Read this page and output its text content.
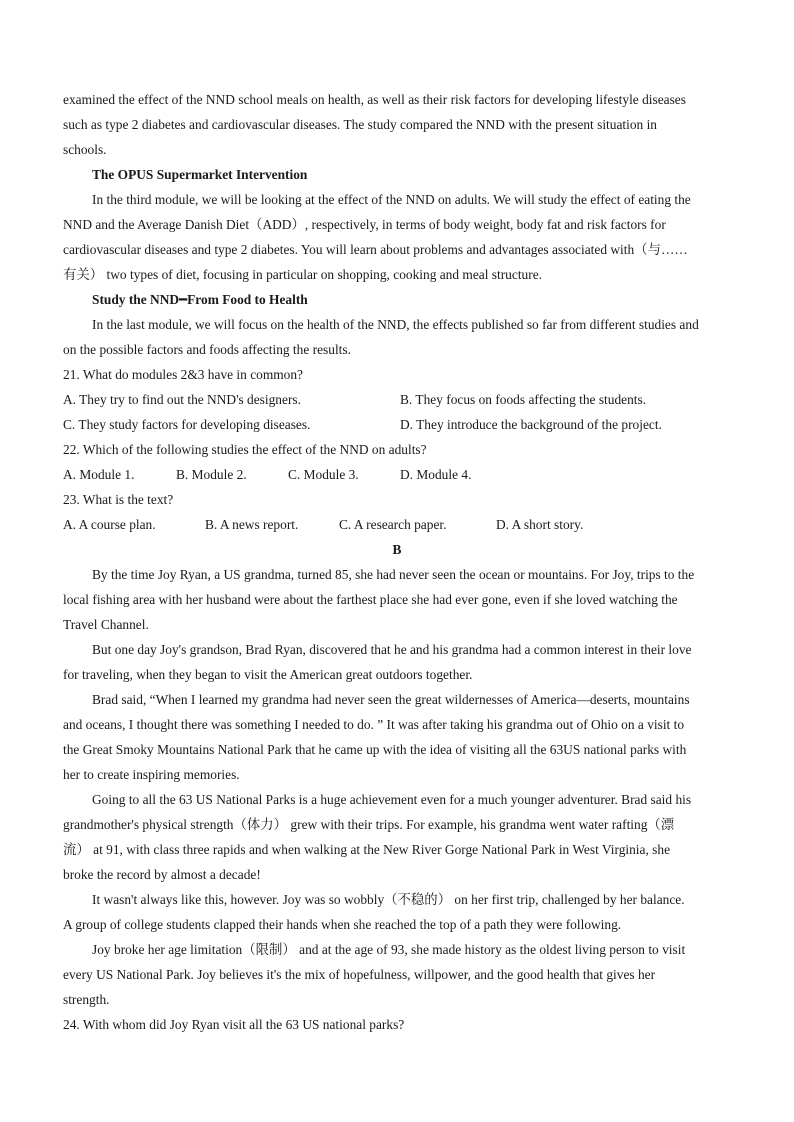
examined the effect of the NND school meals on health, as well as their risk factors for developing lifestyle diseases
such as type 2 diabetes and cardiovascular diseases. The study compared the NND with the present situation in
schools.
The OPUS Supermarket Intervention
In the third module, we will be looking at the effect of the NND on adults. We will study the effect of eating the
NND and the Average Danish Diet（ADD）, respectively, in terms of body weight, body fat and risk factors for
cardiovascular diseases and type 2 diabetes. You will learn about problems and advantages associated with（与……
有关） two types of diet, focusing in particular on shopping, cooking and meal structure.
Study the NND━From Food to Health
In the last module, we will focus on the health of the NND, the effects published so far from different studies and
on the possible factors and foods affecting the results.
21. What do modules 2&3 have in common?
A. They try to find out the NND's designers.	B. They focus on foods affecting the students.
C. They study factors for developing diseases.	D. They introduce the background of the project.
22. Which of the following studies the effect of the NND on adults?
A. Module 1.	B. Module 2.	C. Module 3.	D. Module 4.
23. What is the text?
A. A course plan.	B. A news report.	C. A research paper.	D. A short story.
B
By the time Joy Ryan, a US grandma, turned 85, she had never seen the ocean or mountains. For Joy, trips to the
local fishing area with her husband were about the farthest place she had ever gone, even if she loved watching the
Travel Channel.
But one day Joy's grandson, Brad Ryan, discovered that he and his grandma had a common interest in their love
for traveling, when they began to visit the American great outdoors together.
Brad said, “When I learned my grandma had never seen the great wildernesses of America—deserts, mountains
and oceans, I thought there was something I needed to do. ” It was after taking his grandma out of Ohio on a visit to
the Great Smoky Mountains National Park that he came up with the idea of visiting all the 63US national parks with
her to create inspiring memories.
Going to all the 63 US National Parks is a huge achievement even for a much younger adventurer. Brad said his
grandmother's physical strength（体力） grew with their trips. For example, his grandma went water rafting（漂
流） at 91, with class three rapids and when walking at the New River Gorge National Park in West Virginia, she
broke the record by almost a decade!
It wasn't always like this, however. Joy was so wobbly（不稳的） on her first trip, challenged by her balance.
A group of college students clapped their hands when she reached the top of a path they were following.
Joy broke her age limitation（限制） and at the age of 93, she made history as the oldest living person to visit
every US National Park. Joy believes it's the mix of hopefulness, willpower, and the good health that gives her
strength.
24. With whom did Joy Ryan visit all the 63 US national parks?
